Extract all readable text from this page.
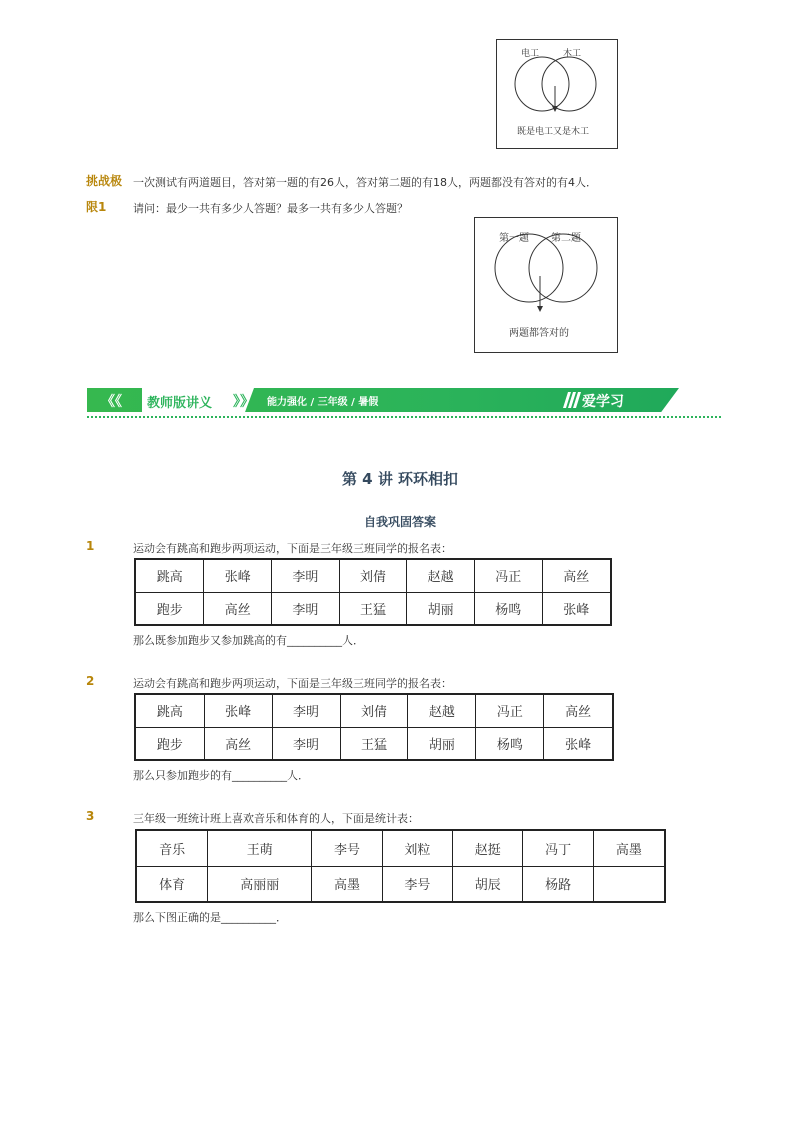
电工	木工
既是电工又是木工
挑战极
限1
一次测试有两道题目，答对第一题的有26人，答对第二题的有18人，两题都没有答对的有4人．
请问：最少一共有多少人答题？最多一共有多少人答题？
第一题 第二题
两题都答对的
《《 教师版讲义 》》 能力强化 / 三年级 / 暑假	爱学习
第 4 讲 环环相扣
自我巩固答案
1	运动会有跳高和跑步两项运动，下面是三年级三班同学的报名表：
跳高	张峰	李明	刘倩	赵越	冯正	高丝
跑步	高丝	李明	王猛	胡丽	杨鸣	张峰
那么既参加跑步又参加跳高的有__________人．
2	运动会有跳高和跑步两项运动，下面是三年级三班同学的报名表：
跳高	张峰	李明	刘倩	赵越	冯正	高丝
跑步	高丝	李明	王猛	胡丽	杨鸣	张峰
那么只参加跑步的有__________人．
3	三年级一班统计班上喜欢音乐和体育的人，下面是统计表：
音乐	王萌	李号	刘粒	赵挺	冯丁	高墨
体育	高丽丽	高墨	李号	胡辰	杨路	
那么下图正确的是__________．
